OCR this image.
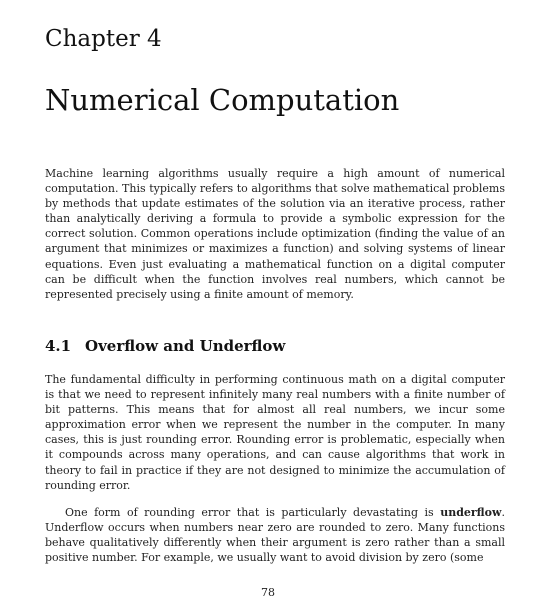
Chapter 4
Numerical Computation

Machine learning algorithms usually require a high amount of numerical computation. This typically refers to algorithms that solve mathematical problems by methods that update estimates of the solution via an iterative process, rather than analytically deriving a formula to provide a symbolic expression for the correct solution. Common operations include optimization (finding the value of an argument that minimizes or maximizes a function) and solving systems of linear equations. Even just evaluating a mathematical function on a digital computer can be difficult when the function involves real numbers, which cannot be represented precisely using a finite amount of memory.

4.1 Overflow and Underflow

The fundamental difficulty in performing continuous math on a digital computer is that we need to represent infinitely many real numbers with a finite number of bit patterns. This means that for almost all real numbers, we incur some approximation error when we represent the number in the computer. In many cases, this is just rounding error. Rounding error is problematic, especially when it compounds across many operations, and can cause algorithms that work in theory to fail in practice if they are not designed to minimize the accumulation of rounding error.

One form of rounding error that is particularly devastating is underflow. Underflow occurs when numbers near zero are rounded to zero. Many functions behave qualitatively differently when their argument is zero rather than a small positive number. For example, we usually want to avoid division by zero (some

78
